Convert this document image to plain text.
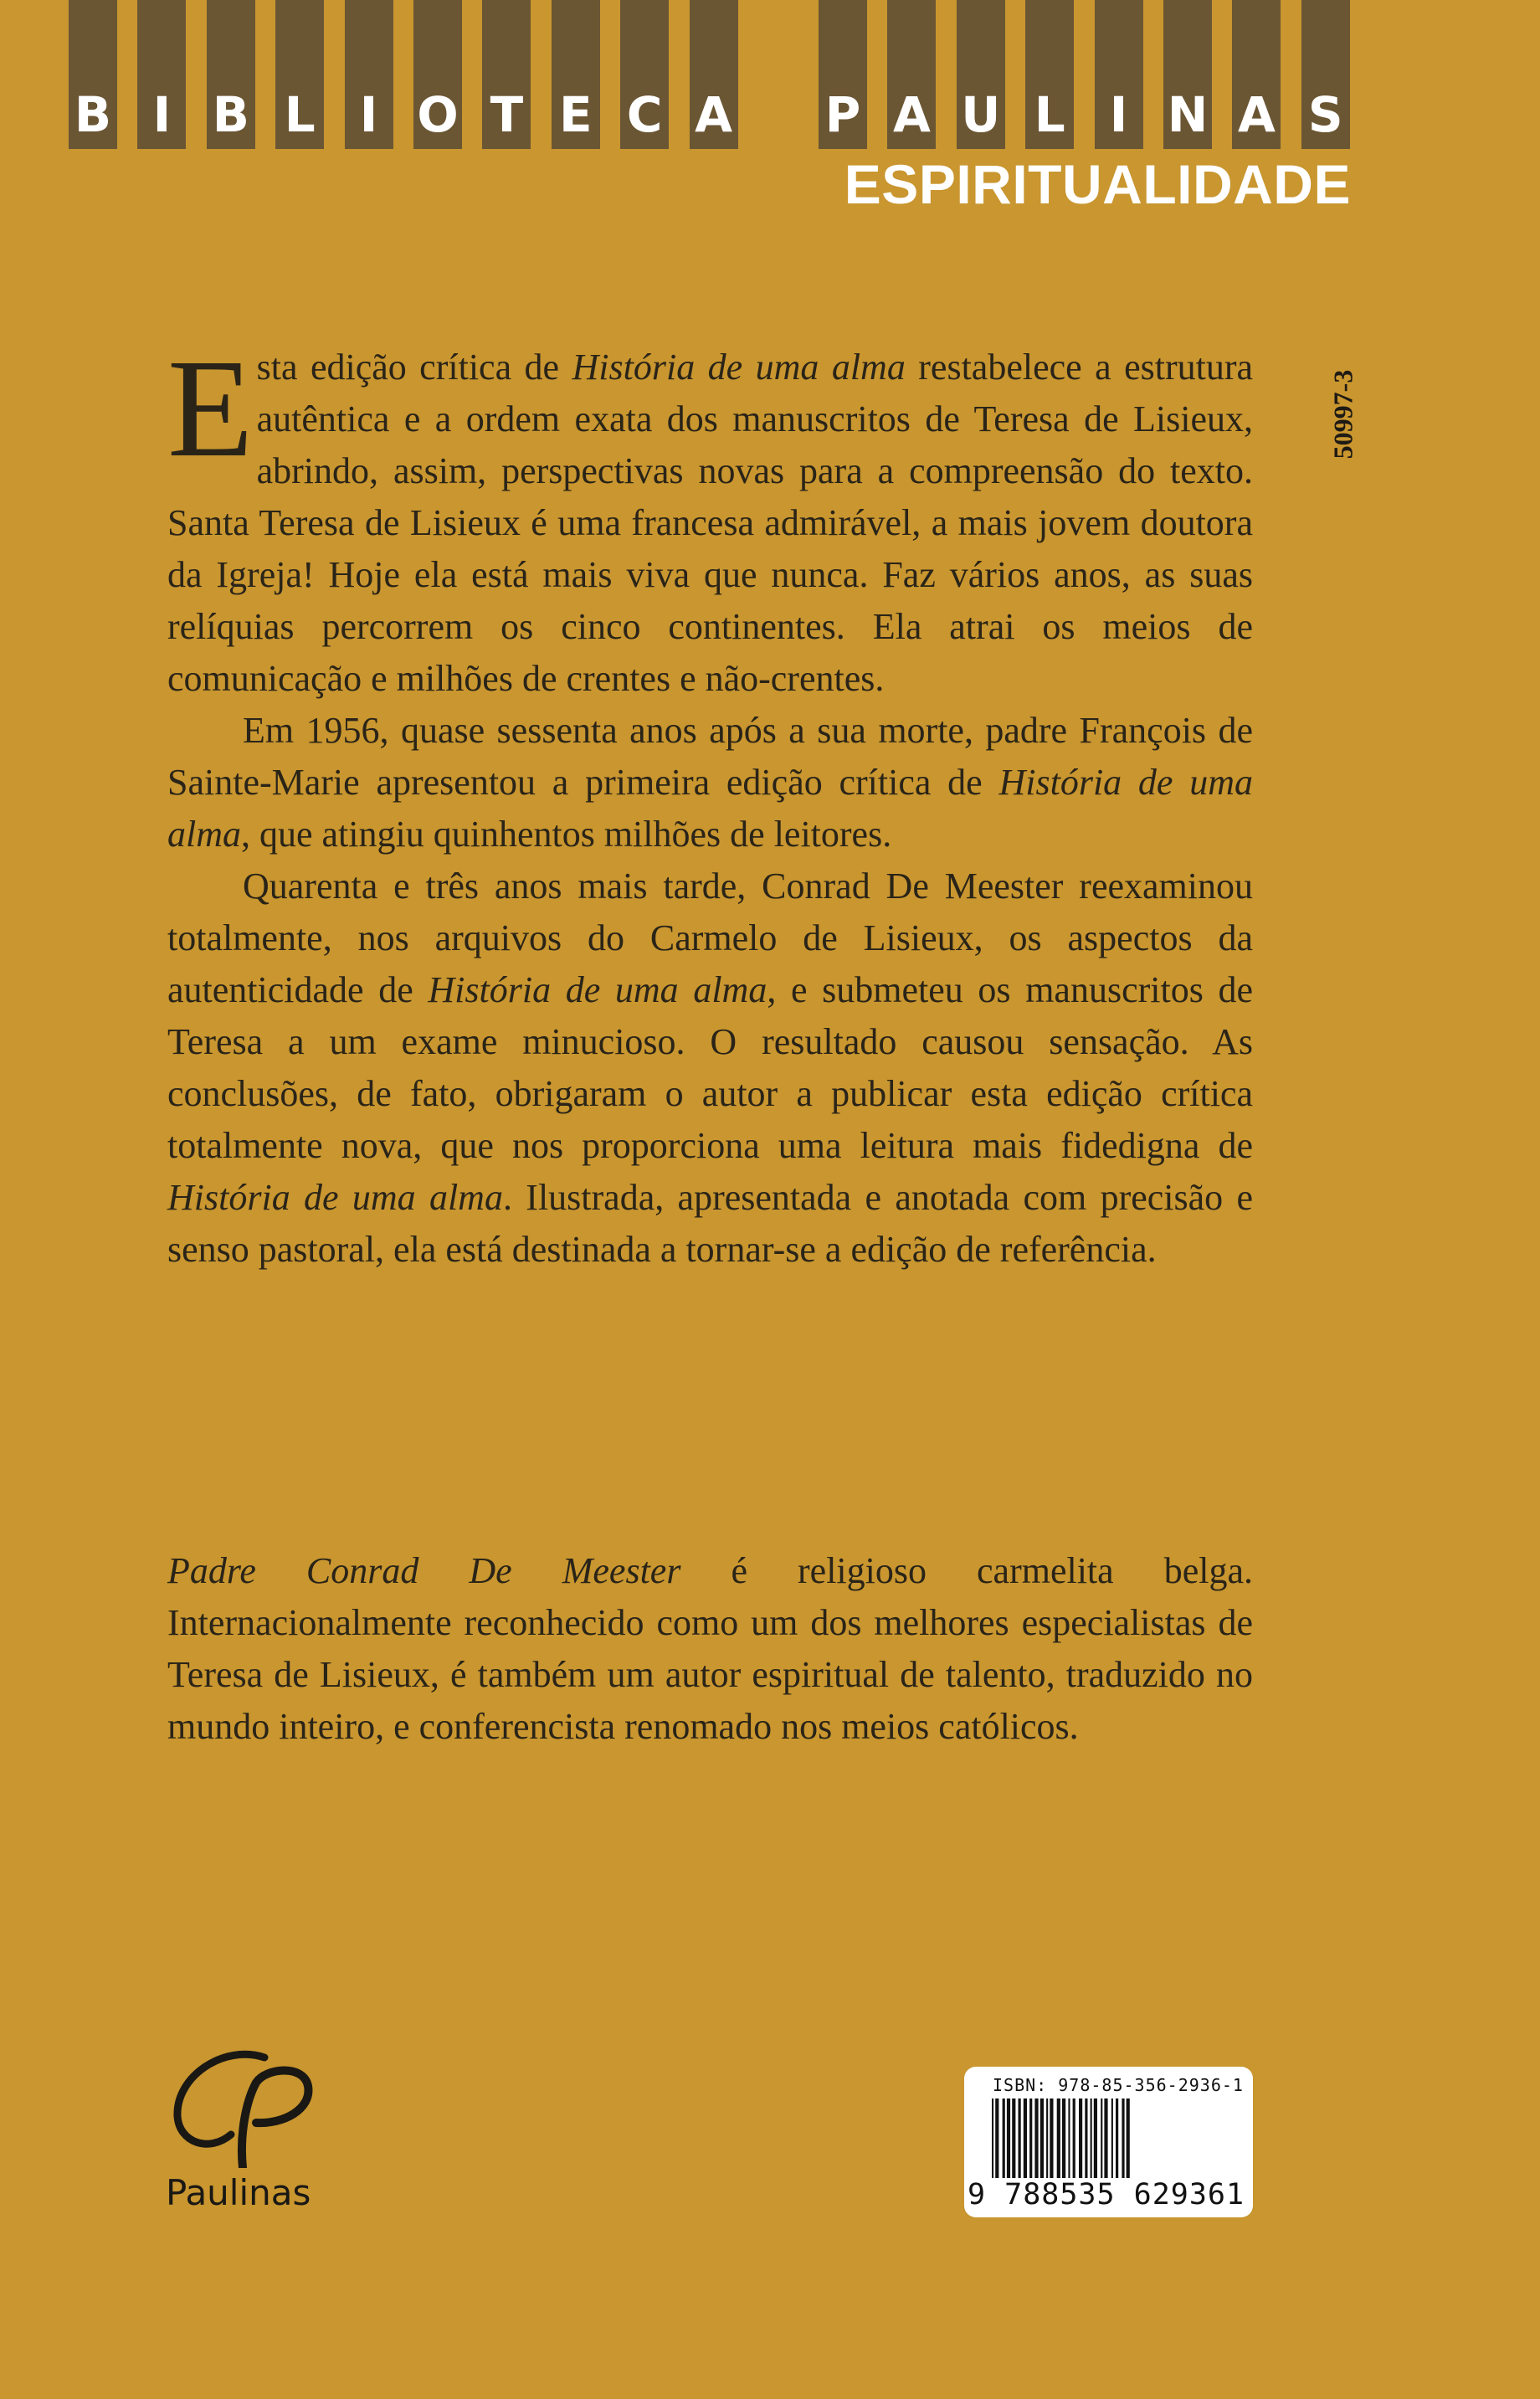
B I B L I O T E C A P A U L I N A S
ESPIRITUALIDADE
50997-3

Esta edição crítica de História de uma alma restabelece a estrutura autêntica e a ordem exata dos manuscritos de Teresa de Lisieux, abrindo, assim, perspectivas novas para a compreensão do texto. Santa Teresa de Lisieux é uma francesa admirável, a mais jovem doutora da Igreja! Hoje ela está mais viva que nunca. Faz vários anos, as suas relíquias percorrem os cinco continentes. Ela atrai os meios de comunicação e milhões de crentes e não-crentes.

Em 1956, quase sessenta anos após a sua morte, padre François de Sainte-Marie apresentou a primeira edição crítica de História de uma alma, que atingiu quinhentos milhões de leitores.

Quarenta e três anos mais tarde, Conrad De Meester reexaminou totalmente, nos arquivos do Carmelo de Lisieux, os aspectos da autenticidade de História de uma alma, e submeteu os manuscritos de Teresa a um exame minucioso. O resultado causou sensação. As conclusões, de fato, obrigaram o autor a publicar esta edição crítica totalmente nova, que nos proporciona uma leitura mais fidedigna de História de uma alma. Ilustrada, apresentada e anotada com precisão e senso pastoral, ela está destinada a tornar-se a edição de referência.

Padre Conrad De Meester é religioso carmelita belga. Internacionalmente reconhecido como um dos melhores especialistas de Teresa de Lisieux, é também um autor espiritual de talento, traduzido no mundo inteiro, e conferencista renomado nos meios católicos.

Paulinas
ISBN: 978-85-356-2936-1
9 788535 629361
